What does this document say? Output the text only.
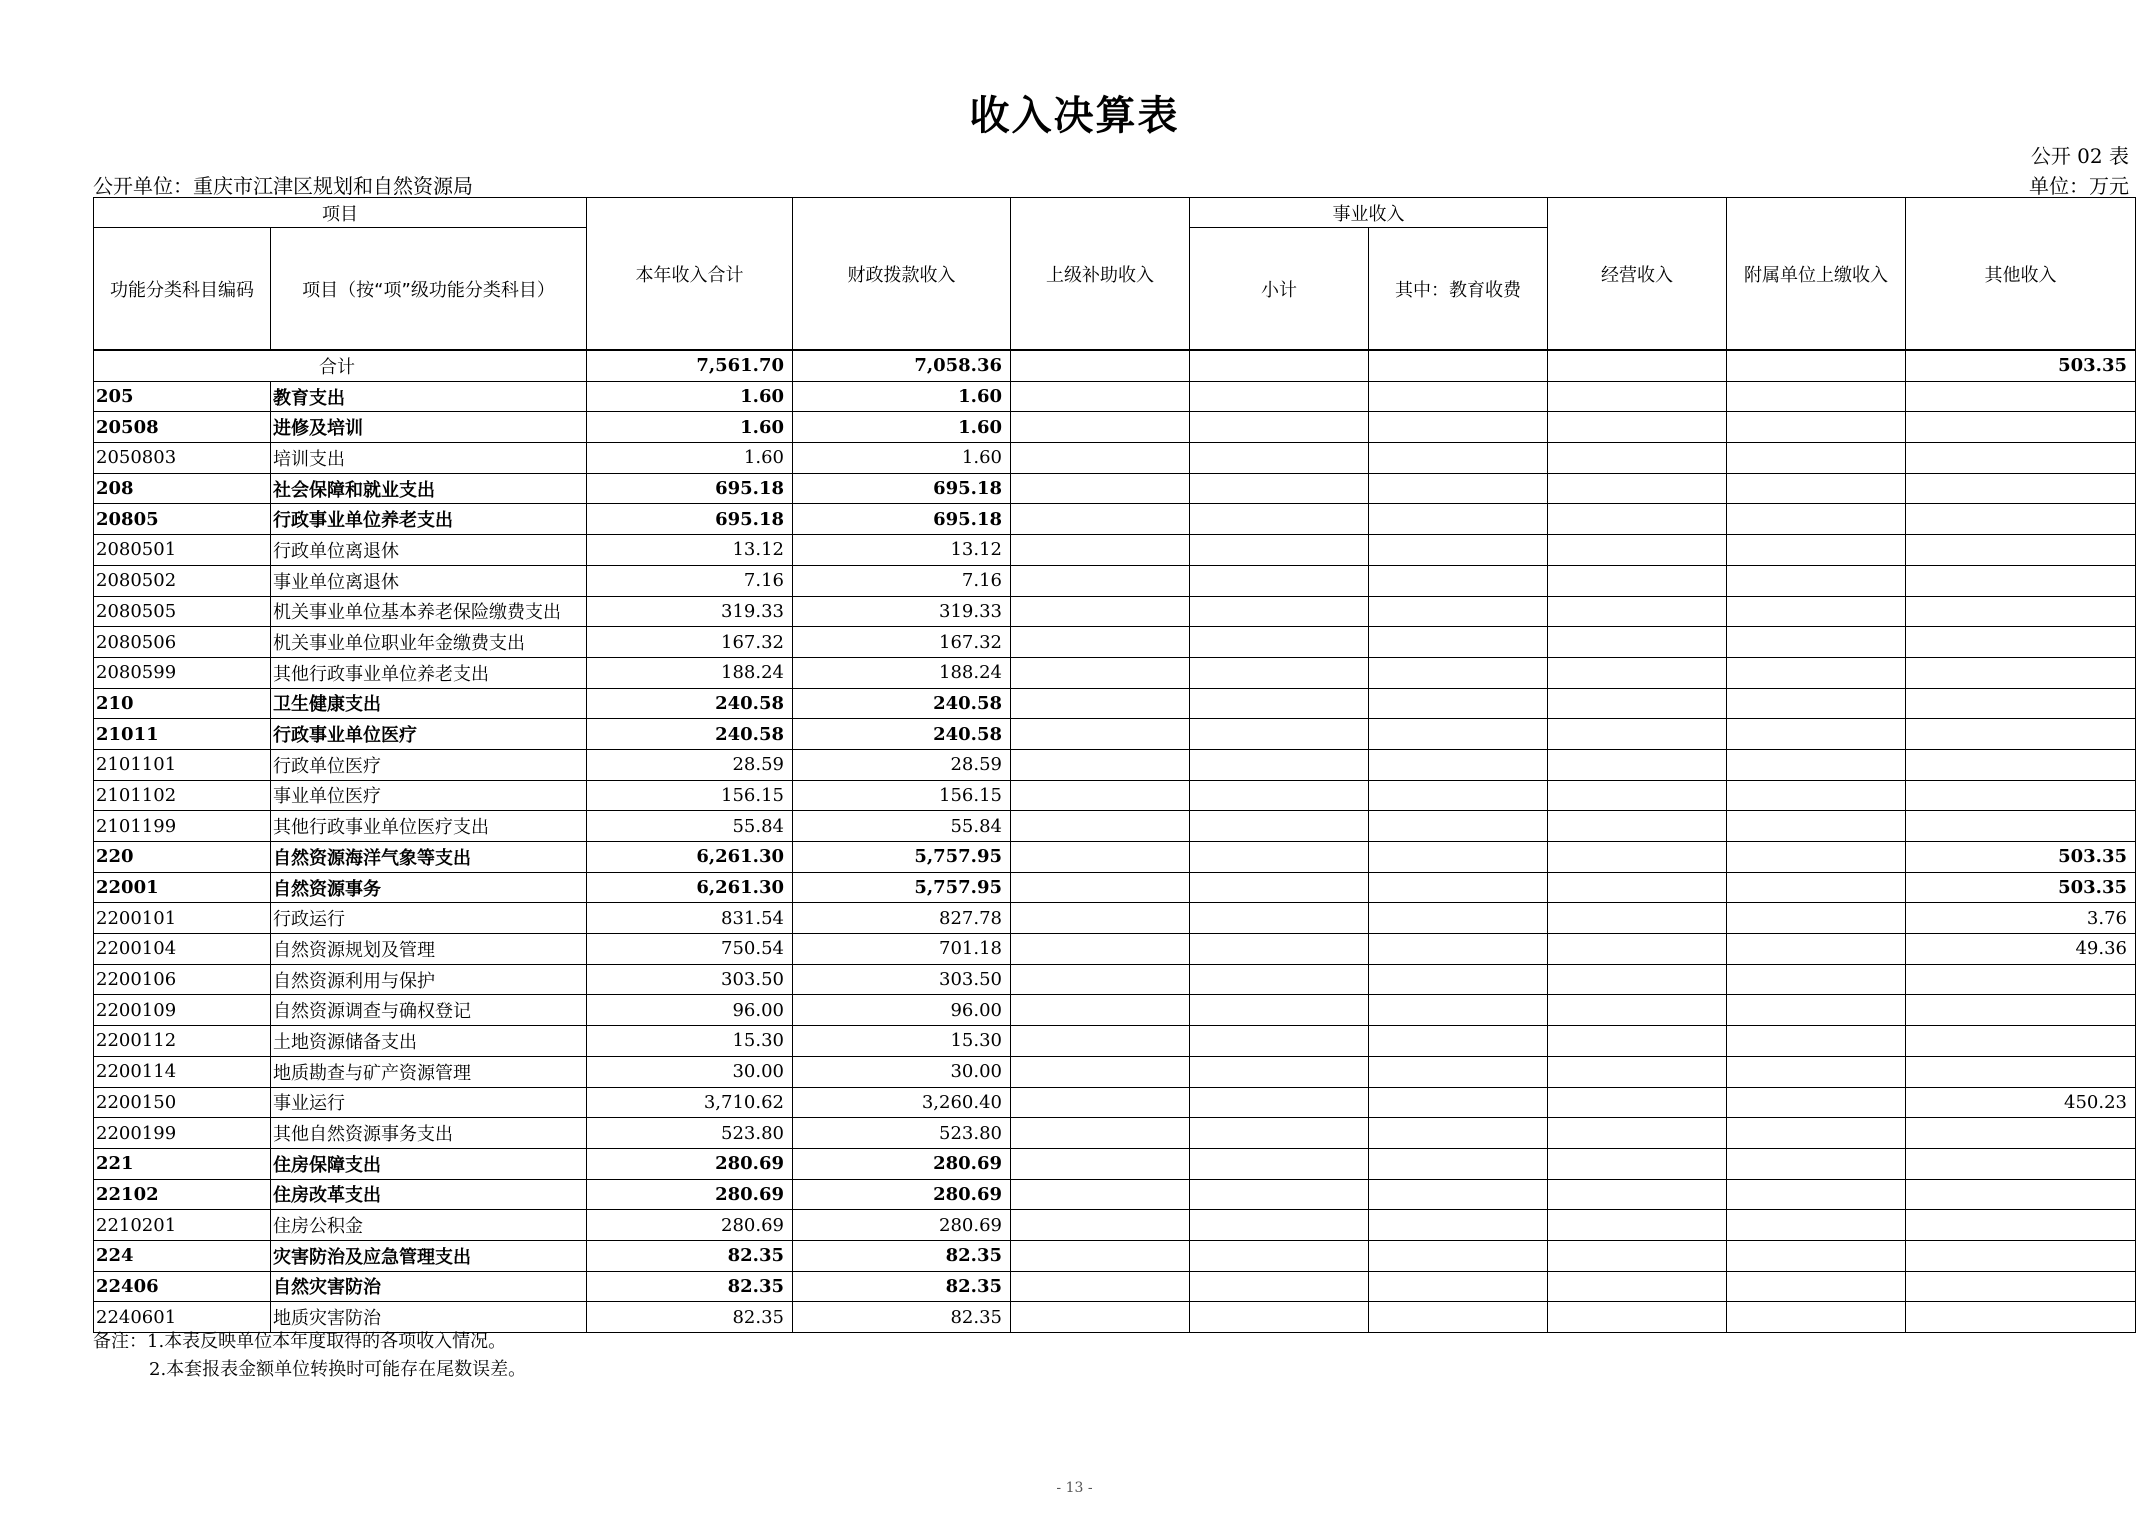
收入决算表
公开 02 表
公开单位：重庆市江津区规划和自然资源局	单位：万元
项目		本年收入合计	财政拨款收入	上级补助收入	事业收入		经营收入	附属单位上缴收入	其他收入
功能分类科目编码	项目（按“项”级功能分类科目）				小计	其中：教育收费			
合计		7,561.70	7,058.36						503.35
205	教育支出	1.60	1.60						
20508	进修及培训	1.60	1.60						
2050803	培训支出	1.60	1.60						
208	社会保障和就业支出	695.18	695.18						
20805	行政事业单位养老支出	695.18	695.18						
2080501	行政单位离退休	13.12	13.12						
2080502	事业单位离退休	7.16	7.16						
2080505	机关事业单位基本养老保险缴费支出	319.33	319.33						
2080506	机关事业单位职业年金缴费支出	167.32	167.32						
2080599	其他行政事业单位养老支出	188.24	188.24						
210	卫生健康支出	240.58	240.58						
21011	行政事业单位医疗	240.58	240.58						
2101101	行政单位医疗	28.59	28.59						
2101102	事业单位医疗	156.15	156.15						
2101199	其他行政事业单位医疗支出	55.84	55.84						
220	自然资源海洋气象等支出	6,261.30	5,757.95						503.35
22001	自然资源事务	6,261.30	5,757.95						503.35
2200101	行政运行	831.54	827.78						3.76
2200104	自然资源规划及管理	750.54	701.18						49.36
2200106	自然资源利用与保护	303.50	303.50						
2200109	自然资源调查与确权登记	96.00	96.00						
2200112	土地资源储备支出	15.30	15.30						
2200114	地质勘查与矿产资源管理	30.00	30.00						
2200150	事业运行	3,710.62	3,260.40						450.23
2200199	其他自然资源事务支出	523.80	523.80						
221	住房保障支出	280.69	280.69						
22102	住房改革支出	280.69	280.69						
2210201	住房公积金	280.69	280.69						
224	灾害防治及应急管理支出	82.35	82.35						
22406	自然灾害防治	82.35	82.35						
2240601	地质灾害防治	82.35	82.35						
备注：1.本表反映单位本年度取得的各项收入情况。
2.本套报表金额单位转换时可能存在尾数误差。
- 13 -
